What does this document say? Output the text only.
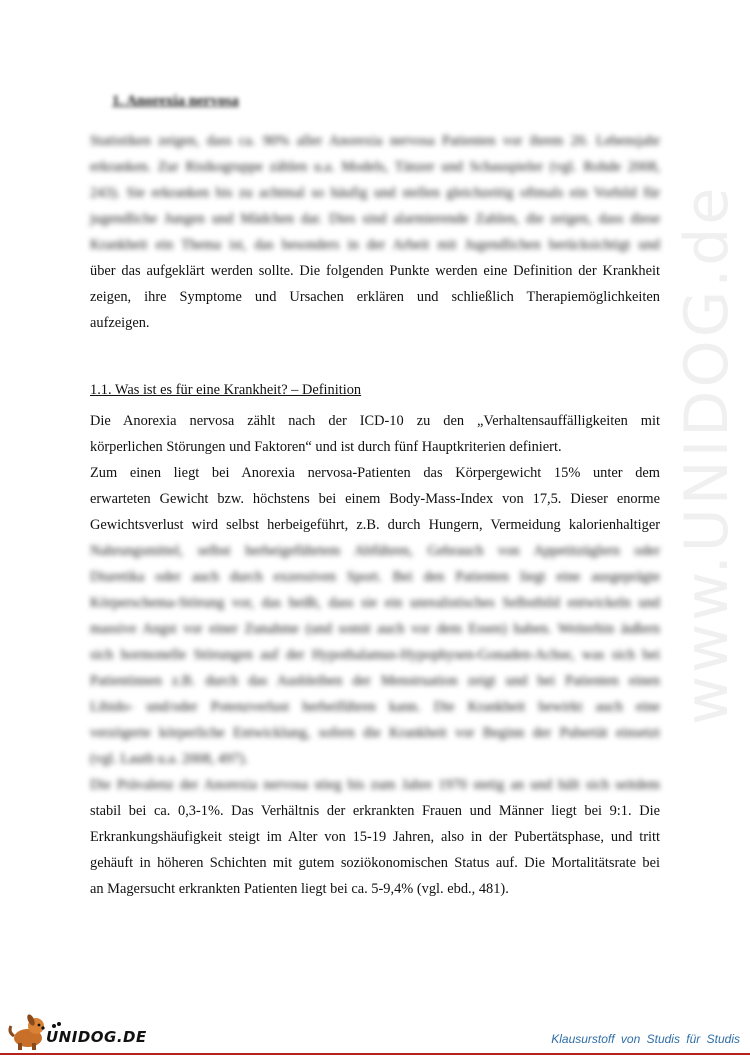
1. Anorexia nervosa
Statistiken zeigen, dass ca. 90% aller Anorexia nervosa Patienten vor ihrem 20. Lebensjahr
erkranken. Zur Risikogruppe zählen u.a. Models, Tänzer und Schauspieler (vgl. Rohde 2008,
243). Sie erkranken bis zu achtmal so häufig und stellen gleichzeitig oftmals ein Vorbild für
jugendliche Jungen und Mädchen dar. Dies sind alarmierende Zahlen, die zeigen, dass diese
Krankheit ein Thema ist, das besonders in der Arbeit mit Jugendlichen berücksichtigt und
über das aufgeklärt werden sollte. Die folgenden Punkte werden eine Definition der Krankheit
zeigen, ihre Symptome und Ursachen erklären und schließlich Therapiemöglichkeiten
aufzeigen.
1.1. Was ist es für eine Krankheit? – Definition
Die Anorexia nervosa zählt nach der ICD-10 zu den „Verhaltensauffälligkeiten mit
körperlichen Störungen und Faktoren“ und ist durch fünf Hauptkriterien definiert.
Zum einen liegt bei Anorexia nervosa-Patienten das Körpergewicht 15% unter dem
erwarteten Gewicht bzw. höchstens bei einem Body-Mass-Index von 17,5. Dieser enorme
Gewichtsverlust wird selbst herbeigeführt, z.B. durch Hungern, Vermeidung kalorienhaltiger
Nahrungsmittel, selbst herbeigeführtem Abführen, Gebrauch von Appetitzüglern oder
Diuretika oder auch durch exzessiven Sport. Bei den Patienten liegt eine ausgeprägte
Körperschema-Störung vor, das heißt, dass sie ein unrealistisches Selbstbild entwickeln und
massive Angst vor einer Zunahme (und somit auch vor dem Essen) haben. Weiterhin äußern
sich hormonelle Störungen auf der Hypothalamus-Hypophysen-Gonaden-Achse, was sich bei
Patientinnen z.B. durch das Ausbleiben der Menstruation zeigt und bei Patienten einen
Libido- und/oder Potenzverlust herbeiführen kann. Die Krankheit bewirkt auch eine
verzögerte körperliche Entwicklung, sofern die Krankheit vor Beginn der Pubertät einsetzt
(vgl. Lauth u.a. 2008, 497).
Die Prävalenz der Anorexia nervosa stieg bis zum Jahre 1970 stetig an und hält sich seitdem
stabil bei ca. 0,3-1%. Das Verhältnis der erkrankten Frauen und Männer liegt bei 9:1. Die
Erkrankungshäufigkeit steigt im Alter von 15-19 Jahren, also in der Pubertätsphase, und tritt
gehäuft in höheren Schichten mit gutem soziökonomischen Status auf. Die Mortalitätsrate bei
an Magersucht erkrankten Patienten liegt bei ca. 5-9,4% (vgl. ebd., 481).
www.UNIDOG.de
UNIDOG.DE	Klausurstoff von Studis für Studis
